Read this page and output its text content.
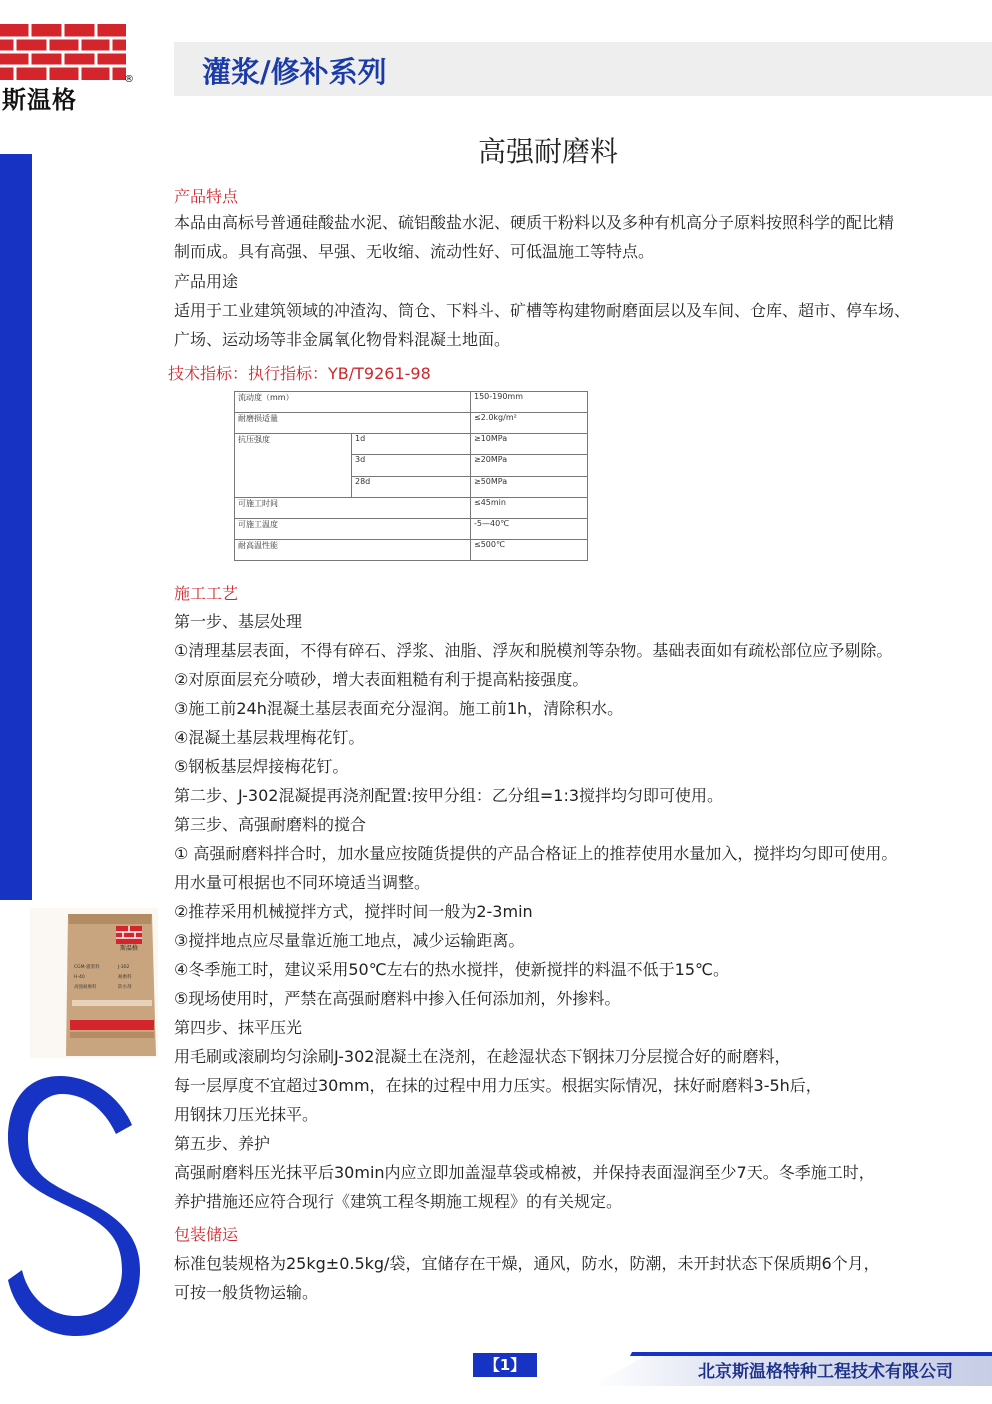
斯温格
® 灌浆/修补系列
高强耐磨料
产品特点
本品由高标号普通硅酸盐水泥、硫铝酸盐水泥、硬质干粉料以及多种有机高分子原料按照科学的配比精
制而成。具有高强、早强、无收缩、流动性好、可低温施工等特点。
产品用途
适用于工业建筑领域的冲渣沟、筒仓、下料斗、矿槽等构建物耐磨面层以及车间、仓库、超市、停车场、
广场、运动场等非金属氧化物骨料混凝土地面。
技术指标：执行指标：YB/T9261-98
流动度（mm）		150-190mm
耐磨损适量		≤2.0kg/m²
抗压强度	1d	≥10MPa
	3d	≥20MPa
	28d	≥50MPa
可施工时间		≤45min
可施工温度		-5—40℃
耐高温性能		≤500℃
施工工艺
第一步、基层处理
①清理基层表面，不得有碎石、浮浆、油脂、浮灰和脱模剂等杂物。基础表面如有疏松部位应予剔除。
②对原面层充分喷砂，增大表面粗糙有利于提高粘接强度。
③施工前24h混凝土基层表面充分湿润。施工前1h，清除积水。
④混凝土基层栽埋梅花钉。
⑤钢板基层焊接梅花钉。
第二步、J-302混凝提再浇剂配置:按甲分组：乙分组=1:3搅拌均匀即可使用。
第三步、高强耐磨料的搅合
① 高强耐磨料拌合时，加水量应按随货提供的产品合格证上的推荐使用水量加入，搅拌均匀即可使用。
用水量可根据也不同环境适当调整。
②推荐采用机械搅拌方式，搅拌时间一般为2-3min
③搅拌地点应尽量靠近施工地点，减少运输距离。
④冬季施工时，建议采用50℃左右的热水搅拌，使新搅拌的料温不低于15℃。
⑤现场使用时，严禁在高强耐磨料中掺入任何添加剂，外掺料。
第四步、抹平压光
用毛刷或滚刷均匀涂刷J-302混凝土在浇剂，在趁湿状态下钢抹刀分层搅合好的耐磨料，
每一层厚度不宜超过30mm，在抹的过程中用力压实。根据实际情况，抹好耐磨料3-5h后，
用钢抹刀压光抹平。
第五步、养护
高强耐磨料压光抹平后30min内应立即加盖湿草袋或棉被，并保持表面湿润至少7天。冬季施工时，
养护措施还应符合现行《建筑工程冬期施工规程》的有关规定。
斯温格
CGM-灌浆料	J-302
H-40	耐磨料
高强耐磨料	防水剂
包装储运
标准包装规格为25kg±0.5kg/袋，宜储存在干燥，通风，防水，防潮，未开封状态下保质期6个月，
可按一般货物运输。
【1】	北京斯温格特种工程技术有限公司
